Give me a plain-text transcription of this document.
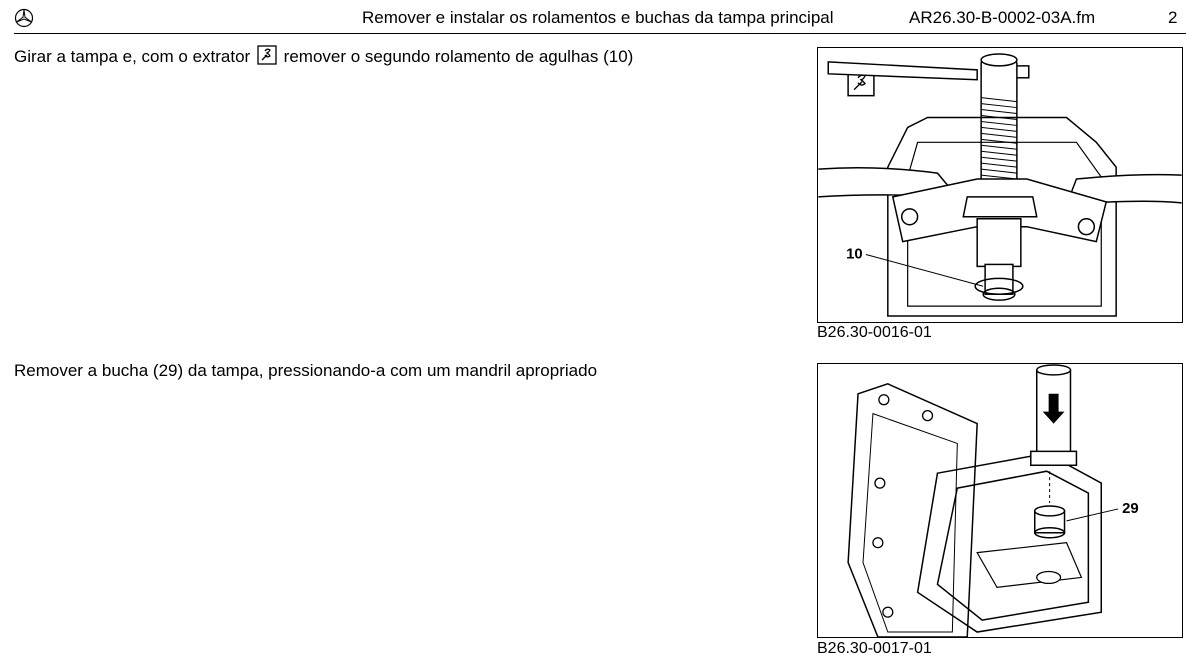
Remover e instalar os rolamentos e buchas da tampa principal	AR26.30-B-0002-03A.fm	2
Girar a tampa e, com o extrator remover o segundo rolamento de agulhas (10)
10
B26.30-0016-01
Remover a bucha (29) da tampa, pressionando-a com um mandril apropriado
29
B26.30-0017-01
